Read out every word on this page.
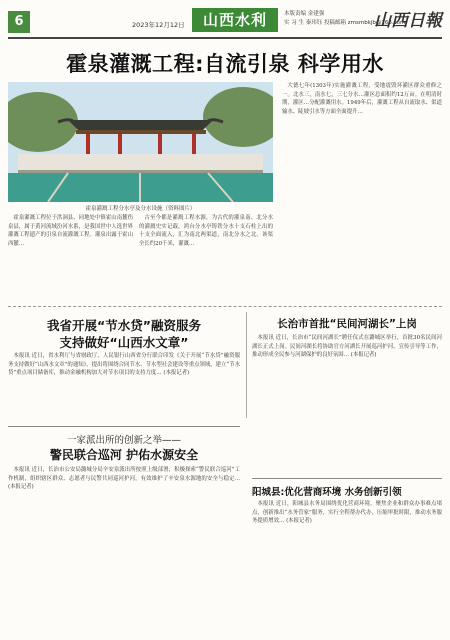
6	2023年12月12日	山西水利	本版责编 金建强
实 习 生 秦玮钰 投稿邮箱 zmsmbkjb@163.com
山西日報
霍泉灌溉工程:自流引泉 科学用水
霍泉灌溉工程分水亭及分水设施（资料图片）

霍泉灌溉工程位于洪洞县、同地处中镇霍山南麓伤泉县，属于黄河流域汾河水系，是我国世中人选世界灌溉工程遗产的引泉自流灌溉工程。灌泉出露于霍山西麓…

古至今都是灌溉工程水源，为古代的灌泉南、北分水的灌溉史实记载，鸿台分水亭铸铁分水十支石柱上出的十支全面流入，汇为南北两渠道，南北分水之北。该渠全长约20千米，灌溉…

大德七年(1303年)实施灌溉工程，受地震毁坏灌区群众重修之一。北水三，南水七，三七分水…灌区总面积约12万亩。在明清时期，灌区…分配灌溉用水。1949年后，灌溉工程从自流取水、渠道输水、陡坡引水等方面全面提升…

我省开展“节水贷”融资服务
支持做好“山西水文章”

本报讯 近日，省水利厅与省财政厅、人民银行山西省分行联合印发《关于开展“节水贷”融资服务支持做好“山西水文章”的通知》，提出将围绕合同节水、节水型社会建设等重点领域，建立“节水贷”重点项目储备库，推动金融机构加大对节水项目的支持力度… (本报记者)

长治市首批“民间河湖长”上岗

本报讯 近日，长治市“民间河湖长”聘任仪式在潞城区举行，首批30名民间河湖长正式上岗。民间河湖长将协助官方河湖长开展巡河护河、宣传引导等工作，推动形成全民参与河湖保护的良好氛围… (本报记者)

一家派出所的创新之举——
警民联合巡河 护佑水源安全

本报讯 近日，长治市公安局潞城分局辛安泉派出所按照上级部署，积极探索“警民联合巡河”工作机制，组织辖区群众、志愿者与民警共同巡河护河，有效维护了辛安泉水源地的安全与稳定… (本报记者)	阳城县:优化营商环境 水务创新引领

本报讯 近日，阳城县水务局围绕优化营商环境，聚焦企业和群众办事难点堵点，创新推出“水务管家”服务，实行全程帮办代办，压缩审批时限，推动水务服务提质增效… (本报记者)
